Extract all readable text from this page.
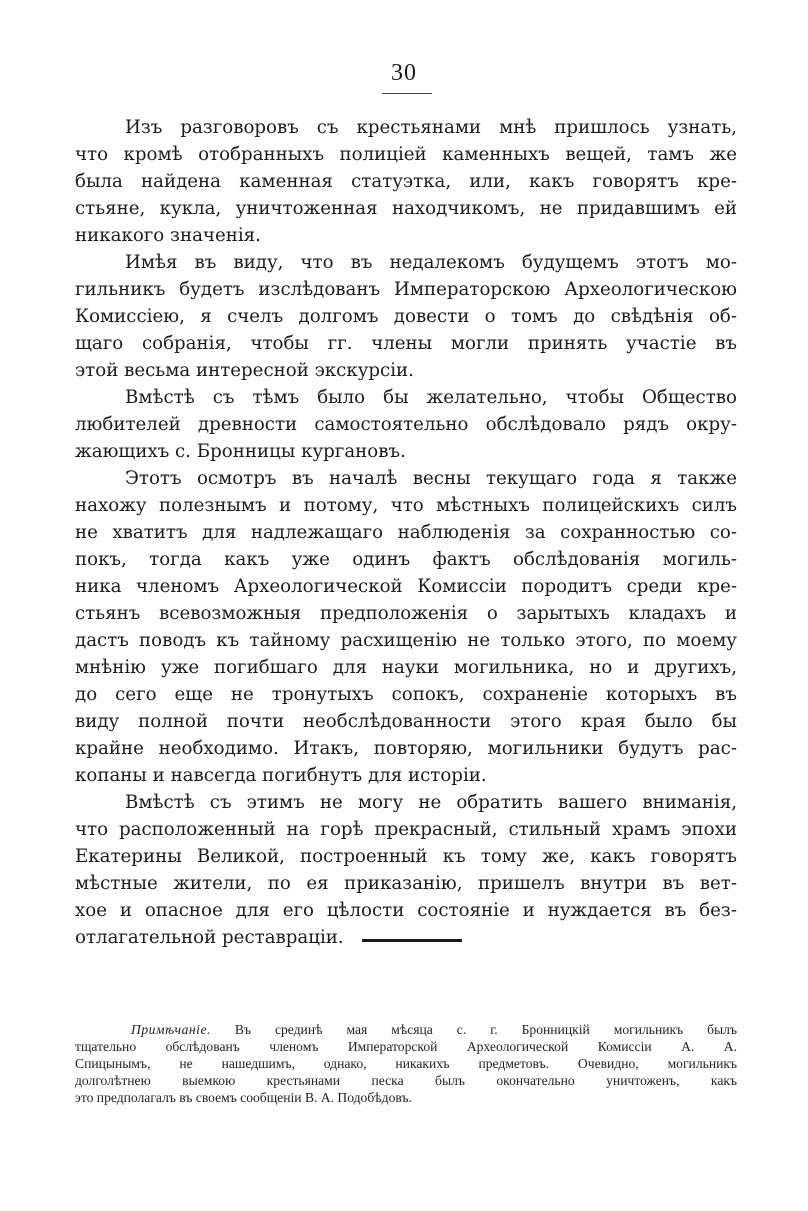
30
Изъ разговоровъ съ крестьянами мнѣ пришлось узнать,
что кромѣ отобранныхъ полиціей каменныхъ вещей, тамъ же
была найдена каменная статуэтка, или, какъ говорятъ кре-
стьяне, кукла, уничтоженная находчикомъ, не придавшимъ ей
никакого значенія.
Имѣя въ виду, что въ недалекомъ будущемъ этотъ мо-
гильникъ будетъ изслѣдованъ Императорскою Археологическою
Комиссіею, я счелъ долгомъ довести о томъ до свѣдѣнія об-
щаго собранія, чтобы гг. члены могли принять участіе въ
этой весьма интересной экскурсіи.
Вмѣстѣ съ тѣмъ было бы желательно, чтобы Общество
любителей древности самостоятельно обслѣдовало рядъ окру-
жающихъ с. Бронницы кургановъ.
Этотъ осмотръ въ началѣ весны текущаго года я также
нахожу полезнымъ и потому, что мѣстныхъ полицейскихъ силъ
не хватитъ для надлежащаго наблюденія за сохранностью со-
покъ, тогда какъ уже одинъ фактъ обслѣдованія могиль-
ника членомъ Археологической Комиссіи породитъ среди кре-
стьянъ всевозможныя предположенія о зарытыхъ кладахъ и
дастъ поводъ къ тайному расхищенію не только этого, по моему
мнѣнію уже погибшаго для науки могильника, но и другихъ,
до сего еще не тронутыхъ сопокъ, сохраненіе которыхъ въ
виду полной почти необслѣдованности этого края было бы
крайне необходимо. Итакъ, повторяю, могильники будутъ рас-
копаны и навсегда погибнутъ для исторіи.
Вмѣстѣ съ этимъ не могу не обратить вашего вниманія,
что расположенный на горѣ прекрасный, стильный храмъ эпохи
Екатерины Великой, построенный къ тому же, какъ говорятъ
мѣстные жители, по ея приказанію, пришелъ внутри въ вет-
хое и опасное для его цѣлости состояніе и нуждается въ без-
отлагательной реставраціи.
Примѣчаніе. Въ срединѣ мая мѣсяца с. г. Бронницкій могильникъ былъ
тщательно обслѣдованъ членомъ Императорской Археологической Комиссіи А. А.
Спицынымъ, не нашедшимъ, однако, никакихъ предметовъ. Очевидно, могильникъ
долголѣтнею выемкою крестьянами песка былъ окончательно уничтоженъ, какъ
это предполагалъ въ своемъ сообщеніи В. А. Подобѣдовъ.
